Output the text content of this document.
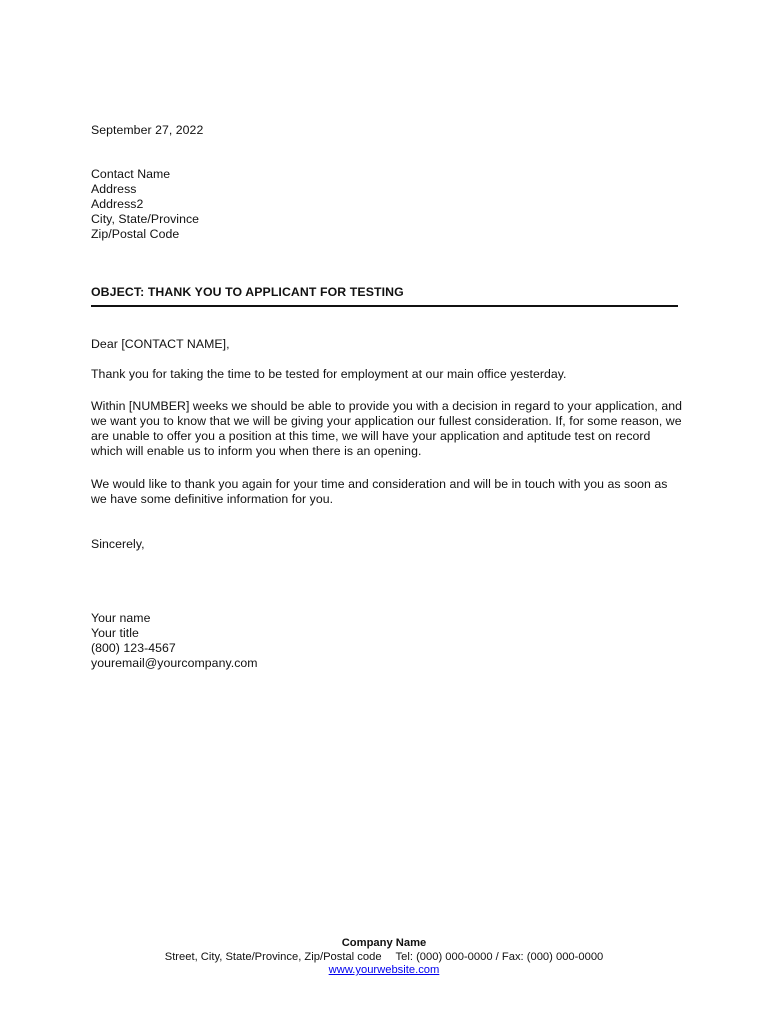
September 27, 2022
Contact Name
Address
Address2
City, State/Province
Zip/Postal Code
OBJECT: THANK YOU TO APPLICANT FOR TESTING
Dear [CONTACT NAME],
Thank you for taking the time to be tested for employment at our main office yesterday.
Within [NUMBER] weeks we should be able to provide you with a decision in regard to your application, and we want you to know that we will be giving your application our fullest consideration. If, for some reason, we are unable to offer you a position at this time, we will have your application and aptitude test on record which will enable us to inform you when there is an opening.
We would like to thank you again for your time and consideration and will be in touch with you as soon as we have some definitive information for you.
Sincerely,
Your name
Your title
(800) 123-4567
youremail@yourcompany.com
Company Name
Street, City, State/Province, Zip/Postal code Tel: (000) 000-0000 / Fax: (000) 000-0000
www.yourwebsite.com
